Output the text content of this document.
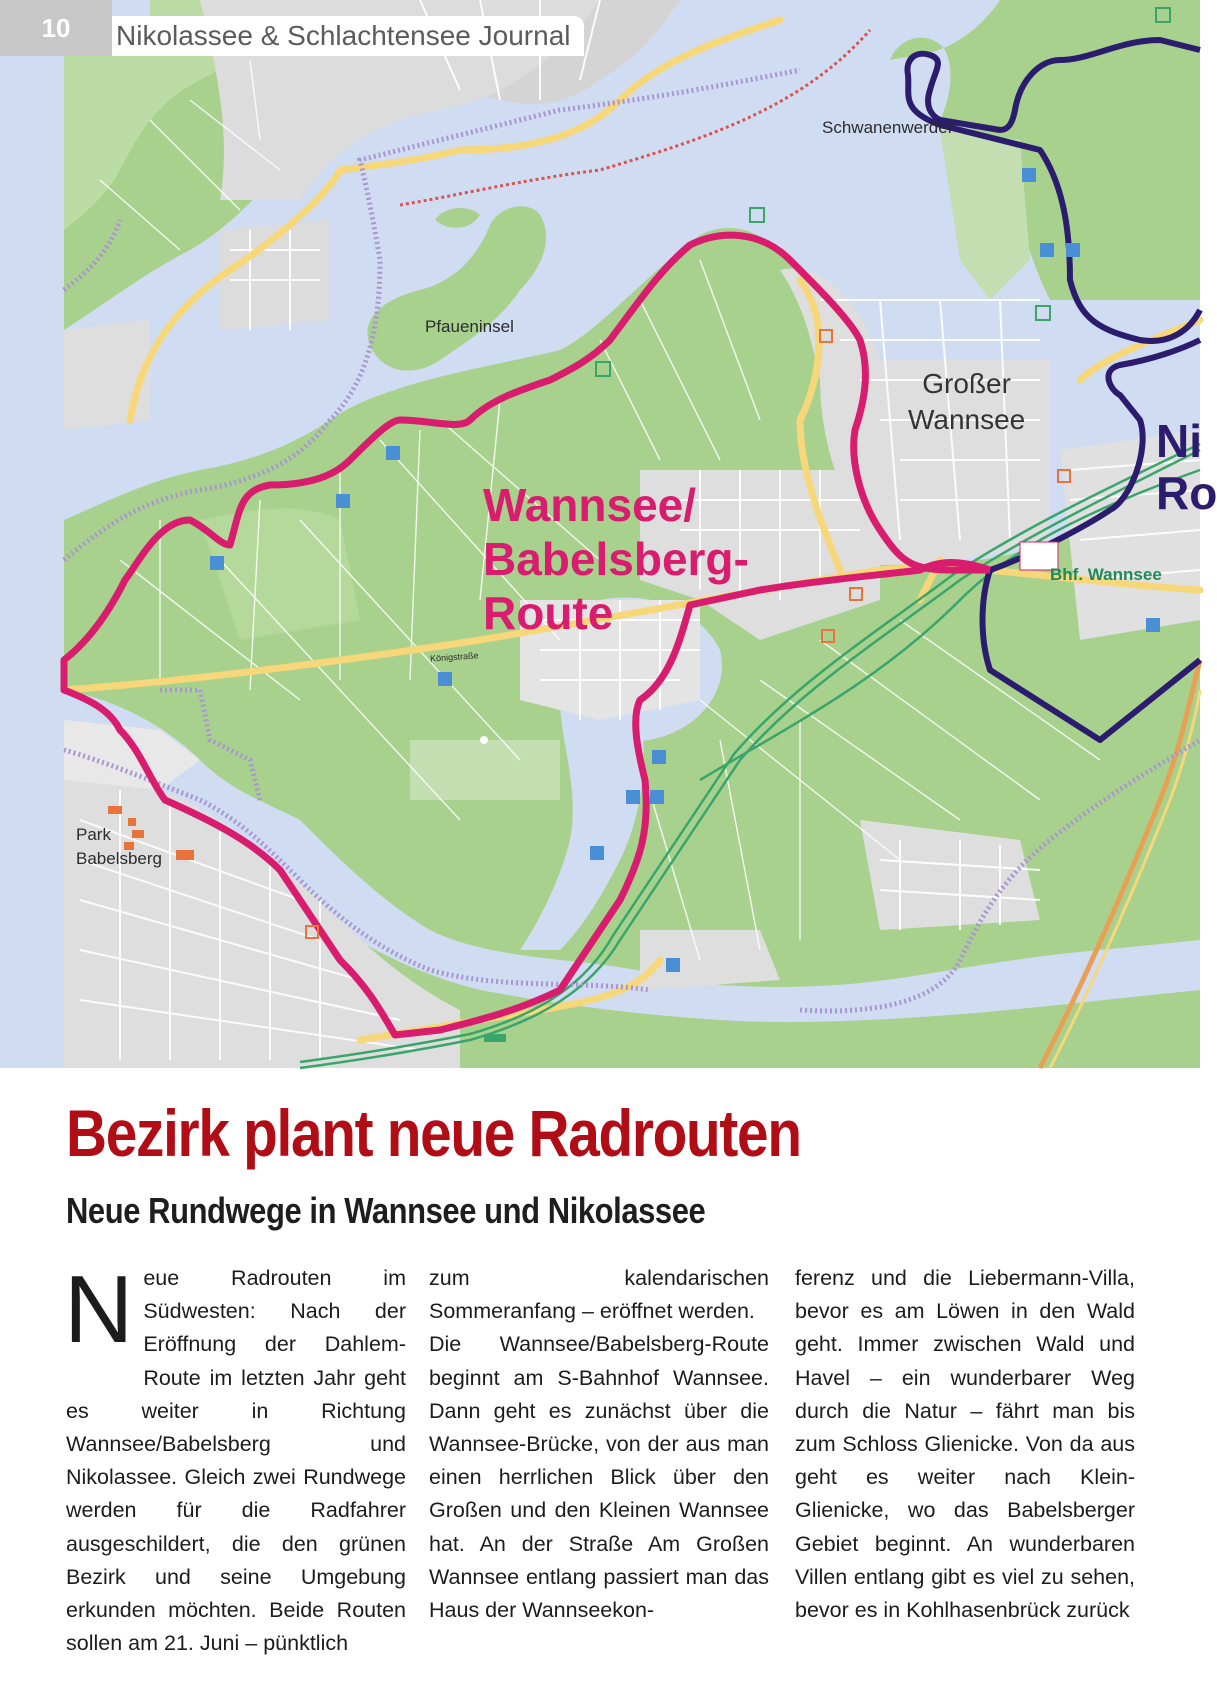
Schwanenwerder
Pfaueninsel
Großer
Wannsee
Park
Babelsberg
Königstraße
Bhf. Wannsee
Wannsee/
Babelsberg-
Route
Ni
Ro
10	Nikolassee & Schlachtensee Journal
Bezirk plant neue Radrouten
Neue Rundwege in Wannsee und Nikolassee
N eue Radrouten im Südwesten: Nach der Eröffnung der Dahlem-Route im letzten Jahr geht es weiter in Richtung Wannsee/Babelsberg und Nikolassee. Gleich zwei Rundwege werden für die Radfahrer ausgeschildert, die den grünen Bezirk und seine Umgebung erkunden möchten. Beide Routen sollen am 21. Juni – pünktlich

zum kalendarischen Sommeranfang – eröffnet werden.

Die Wannsee/Babelsberg-Route beginnt am S-Bahnhof Wannsee. Dann geht es zunächst über die Wannsee-Brücke, von der aus man einen herrlichen Blick über den Großen und den Kleinen Wannsee hat. An der Straße Am Großen Wannsee entlang passiert man das Haus der Wannseekon-

ferenz und die Liebermann-Villa, bevor es am Löwen in den Wald geht. Immer zwischen Wald und Havel – ein wunderbarer Weg durch die Natur – fährt man bis zum Schloss Glienicke. Von da aus geht es weiter nach Klein-Glienicke, wo das Babelsberger Gebiet beginnt. An wunderbaren Villen entlang gibt es viel zu sehen, bevor es in Kohlhasenbrück zurück
